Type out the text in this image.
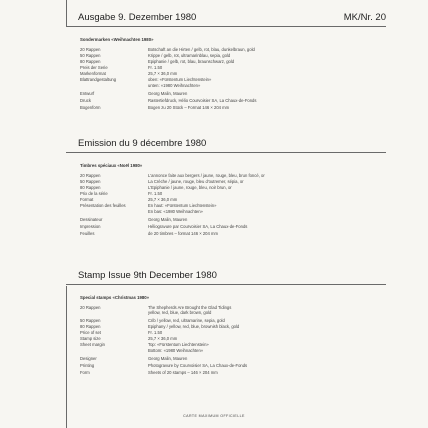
Ausgabe 9. Dezember 1980	MK/Nr. 20
Sondermarken «Weihnachten 1980»
20 Rappen	Botschaft an die Hirten / gelb, rot, blau, dunkelbraun, gold
50 Rappen	Krippe / gelb, rot, ultramarinblau, sepia, gold
80 Rappen	Epiphanie / gelb, rot, blau, braunschwarz, gold
Preis der Serie	Fr. 1.50
Markenformat	25,7 × 36,0 mm
Blattrandgestaltung	oben: «Fürstentum Liechtenstein»
unten: «1980 Weihnachten»
Entwurf	Georg Malin, Mauren
Druck	Rastertiefdruck, Hélio Courvoisier SA, La Chaux-de-Fonds
Bogenform	Bogen zu 20 Stück – Format 146 × 204 mm
Emission du 9 décembre 1980
Timbres spéciaux «Noël 1980»
20 Rappen	L'annonce faite aux bergers / jaune, rouge, bleu, brun foncé, or
50 Rappen	La Crèche / jaune, rouge, bleu d'outremer, sépia, or
80 Rappen	L'Epiphanie / jaune, rouge, bleu, noir brun, or
Prix de la série	Fr. 1.50
Format	25,7 × 36,0 mm
Présentation des feuilles	En haut: «Fürstentum Liechtenstein»
En bas: «1980 Weihnachten»
Dessinateur	Georg Malin, Mauren
Impression	Héliogravure par Courvoisier SA, La Chaux-de-Fonds
Feuilles	de 20 timbres – format 146 × 204 mm
Stamp Issue 9th December 1980
Special stamps «Christmas 1980»
20 Rappen	The Shepherds Are Brought the Glad Tidings
yellow, red, blue, dark brown, gold
50 Rappen	Crib / yellow, red, ultramarine, sepia, gold
80 Rappen	Epiphany / yellow, red, blue, brownish black, gold
Price of set	Fr. 1.50
Stamp size	25,7 × 36,0 mm
Sheet margin	Top: «Fürstentum Liechtenstein»
Bottom: «1980 Weihnachten»
Designer	Georg Malin, Mauren
Printing	Photogravure by Courvoisier SA, La Chaux-de-Fonds
Form	Sheets of 20 stamps – 146 × 204 mm
CARTE MAXIMUM OFFICIELLE
